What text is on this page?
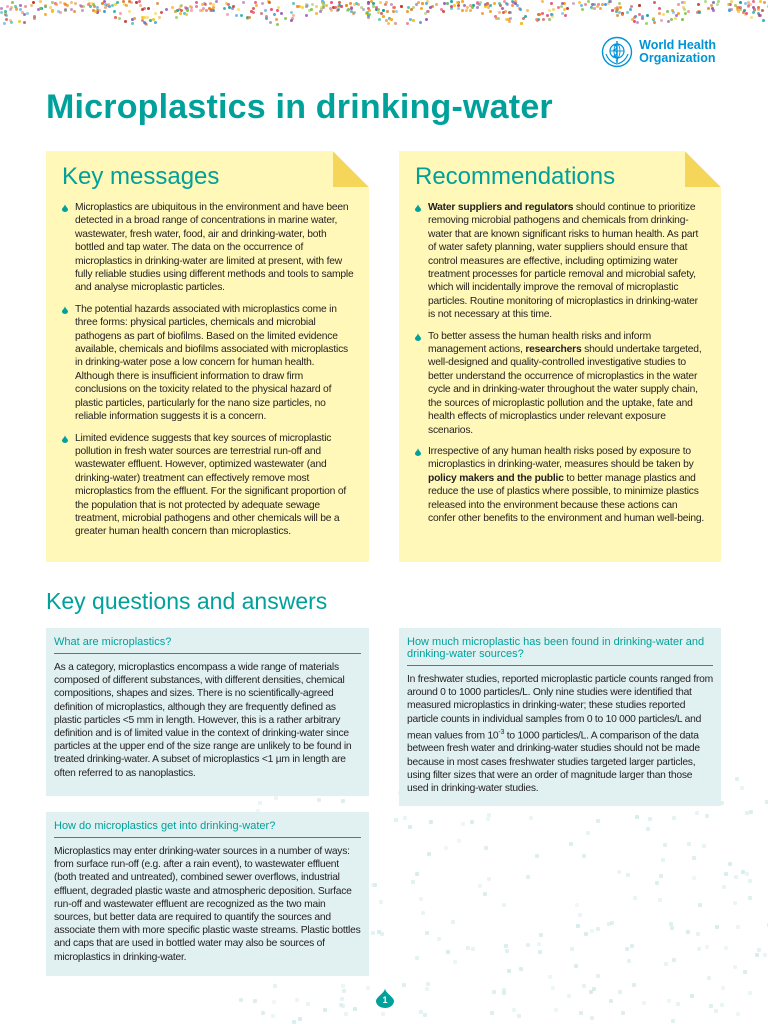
World Health
Organization
Microplastics in drinking-water
Key messages
Microplastics are ubiquitous in the environment and have been detected in a broad range of concentrations in marine water, wastewater, fresh water, food, air and drinking-water, both bottled and tap water. The data on the occurrence of microplastics in drinking-water are limited at present, with few fully reliable studies using different methods and tools to sample and analyse microplastic particles.
The potential hazards associated with microplastics come in three forms: physical particles, chemicals and microbial pathogens as part of biofilms. Based on the limited evidence available, chemicals and biofilms associated with microplastics in drinking-water pose a low concern for human health. Although there is insufficient information to draw firm conclusions on the toxicity related to the physical hazard of plastic particles, particularly for the nano size particles, no reliable information suggests it is a concern.
Limited evidence suggests that key sources of microplastic pollution in fresh water sources are terrestrial run-off and wastewater effluent. However, optimized wastewater (and drinking-water) treatment can effectively remove most microplastics from the effluent. For the significant proportion of the population that is not protected by adequate sewage treatment, microbial pathogens and other chemicals will be a greater human health concern than microplastics.
Recommendations
Water suppliers and regulators should continue to prioritize removing microbial pathogens and chemicals from drinking-water that are known significant risks to human health. As part of water safety planning, water suppliers should ensure that control measures are effective, including optimizing water treatment processes for particle removal and microbial safety, which will incidentally improve the removal of microplastic particles. Routine monitoring of microplastics in drinking-water is not necessary at this time.
To better assess the human health risks and inform management actions, researchers should undertake targeted, well-designed and quality-controlled investigative studies to better understand the occurrence of microplastics in the water cycle and in drinking-water throughout the water supply chain, the sources of microplastic pollution and the uptake, fate and health effects of microplastics under relevant exposure scenarios.
Irrespective of any human health risks posed by exposure to microplastics in drinking-water, measures should be taken by policy makers and the public to better manage plastics and reduce the use of plastics where possible, to minimize plastics released into the environment because these actions can confer other benefits to the environment and human well-being.
Key questions and answers
What are microplastics?
As a category, microplastics encompass a wide range of materials composed of different substances, with different densities, chemical compositions, shapes and sizes. There is no scientifically-agreed definition of microplastics, although they are frequently defined as plastic particles <5 mm in length. However, this is a rather arbitrary definition and is of limited value in the context of drinking-water since particles at the upper end of the size range are unlikely to be found in treated drinking-water. A subset of microplastics <1 µm in length are often referred to as nanoplastics.
How do microplastics get into drinking-water?
Microplastics may enter drinking-water sources in a number of ways: from surface run-off (e.g. after a rain event), to wastewater effluent (both treated and untreated), combined sewer overflows, industrial effluent, degraded plastic waste and atmospheric deposition. Surface run-off and wastewater effluent are recognized as the two main sources, but better data are required to quantify the sources and associate them with more specific plastic waste streams. Plastic bottles and caps that are used in bottled water may also be sources of microplastics in drinking-water.
How much microplastic has been found in drinking-water and drinking-water sources?
In freshwater studies, reported microplastic particle counts ranged from around 0 to 1000 particles/L. Only nine studies were identified that measured microplastics in drinking-water; these studies reported particle counts in individual samples from 0 to 10 000 particles/L and mean values from $10^{-3}$ to 1000 particles/L. A comparison of the data between fresh water and drinking-water studies should not be made because in most cases freshwater studies targeted larger particles, using filter sizes that were an order of magnitude larger than those used in drinking-water studies.
1
